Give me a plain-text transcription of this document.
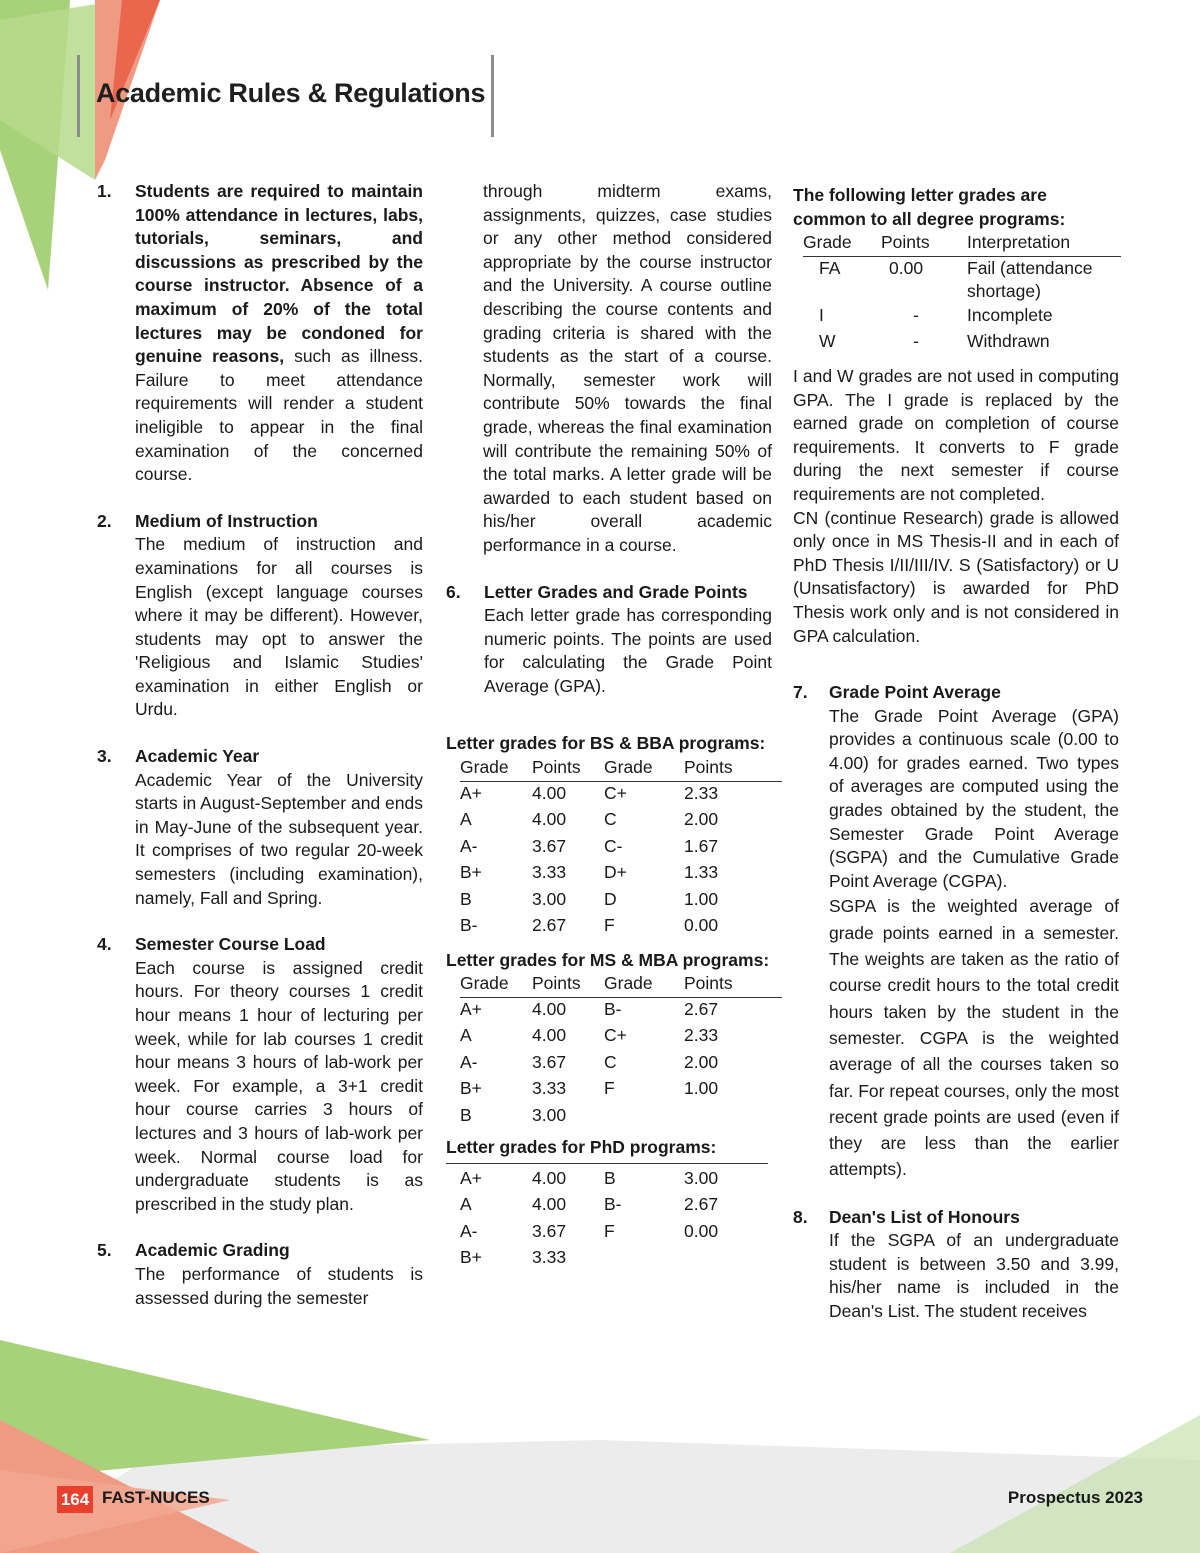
Academic Rules & Regulations
1. Students are required to maintain 100% attendance in lectures, labs, tutorials, seminars, and discussions as prescribed by the course instructor. Absence of a maximum of 20% of the total lectures may be condoned for genuine reasons, such as illness. Failure to meet attendance requirements will render a student ineligible to appear in the final examination of the concerned course.

2. Medium of Instruction

The medium of instruction and examinations for all courses is English (except language courses where it may be different). However, students may opt to answer the 'Religious and Islamic Studies' examination in either English or Urdu.

3. Academic Year

Academic Year of the University starts in August-September and ends in May-June of the subsequent year. It comprises of two regular 20-week semesters (including examination), namely, Fall and Spring.

4. Semester Course Load

Each course is assigned credit hours. For theory courses 1 credit hour means 1 hour of lecturing per week, while for lab courses 1 credit hour means 3 hours of lab-work per week. For example, a 3+1 credit hour course carries 3 hours of lectures and 3 hours of lab-work per week. Normal course load for undergraduate students is as prescribed in the study plan.

5. Academic Grading

The performance of students is assessed during the semester

through midterm exams, assignments, quizzes, case studies or any other method considered appropriate by the course instructor and the University. A course outline describing the course contents and grading criteria is shared with the students as the start of a course. Normally, semester work will contribute 50% towards the final grade, whereas the final examination will contribute the remaining 50% of the total marks. A letter grade will be awarded to each student based on his/her overall academic performance in a course.

6. Letter Grades and Grade Points

Each letter grade has corresponding numeric points. The points are used for calculating the Grade Point Average (GPA).

Letter grades for BS & BBA programs:

Grade	Points	Grade	Points
A+	4.00	C+	2.33
A	4.00	C	2.00
A-	3.67	C-	1.67
B+	3.33	D+	1.33
B	3.00	D	1.00
B-	2.67	F	0.00

Letter grades for MS & MBA programs:

Grade	Points	Grade	Points
A+	4.00	B-	2.67
A	4.00	C+	2.33
A-	3.67	C	2.00
B+	3.33	F	1.00
B	3.00		

Letter grades for PhD programs:

A+	4.00	B	3.00
A	4.00	B-	2.67
A-	3.67	F	0.00
B+	3.33		

The following letter grades are common to all degree programs:

Grade	Points	Interpretation
FA	0.00	Fail (attendance shortage)
I	-	Incomplete
W	-	Withdrawn

I and W grades are not used in computing GPA. The I grade is replaced by the earned grade on completion of course requirements. It converts to F grade during the next semester if course requirements are not completed.

CN (continue Research) grade is allowed only once in MS Thesis-II and in each of PhD Thesis I/II/III/IV. S (Satisfactory) or U (Unsatisfactory) is awarded for PhD Thesis work only and is not considered in GPA calculation.

7. Grade Point Average

The Grade Point Average (GPA) provides a continuous scale (0.00 to 4.00) for grades earned. Two types of averages are computed using the grades obtained by the student, the Semester Grade Point Average (SGPA) and the Cumulative Grade Point Average (CGPA).

SGPA is the weighted average of grade points earned in a semester. The weights are taken as the ratio of course credit hours to the total credit hours taken by the student in the semester. CGPA is the weighted average of all the courses taken so far. For repeat courses, only the most recent grade points are used (even if they are less than the earlier attempts).

8. Dean's List of Honours

If the SGPA of an undergraduate student is between 3.50 and 3.99, his/her name is included in the Dean's List. The student receives

164 FAST-NUCES	Prospectus 2023
